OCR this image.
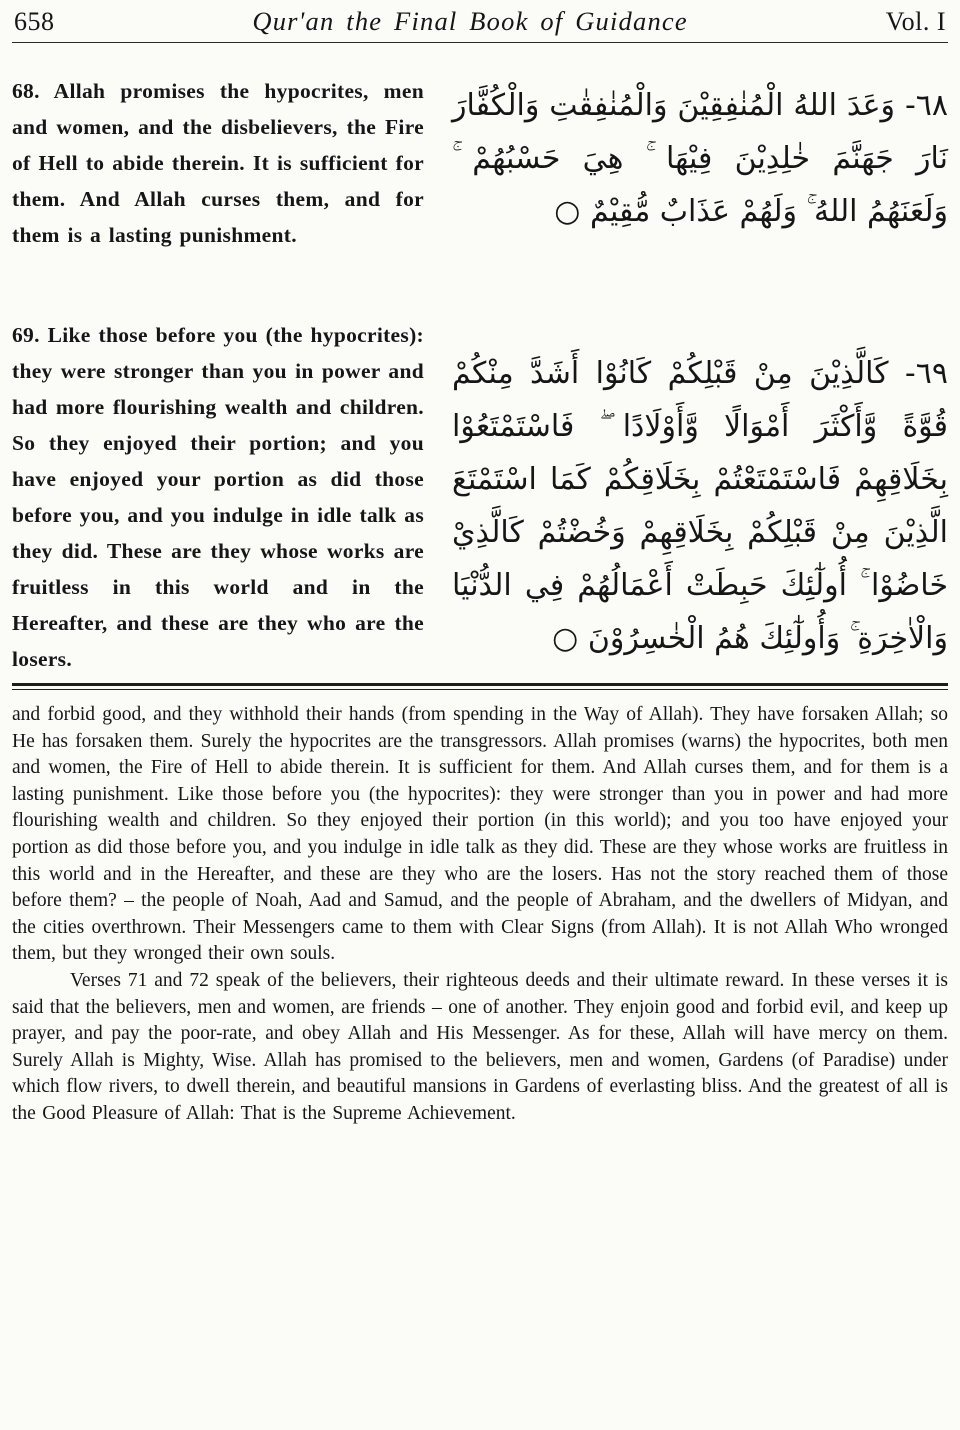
658	Qur'an the Final Book of Guidance	Vol. I
68. Allah promises the hypocrites, men and women, and the disbelievers, the Fire of Hell to abide therein. It is sufficient for them. And Allah curses them, and for them is a lasting punishment.
٦٨- وَعَدَ اللهُ الْمُنٰفِقِيْنَ وَالْمُنٰفِقٰتِ وَالْكُفَّارَ نَارَ جَهَنَّمَ خٰلِدِيْنَ فِيْهَا ۚ هِيَ حَسْبُهُمْ ۚ وَلَعَنَهُمُ اللهُ ۚ وَلَهُمْ عَذَابٌ مُّقِيْمٌ ○
69. Like those before you (the hypocrites): they were stronger than you in power and had more flourishing wealth and children. So they enjoyed their portion; and you have enjoyed your portion as did those before you, and you indulge in idle talk as they did. These are they whose works are fruitless in this world and in the Hereafter, and these are they who are the losers.
٦٩- كَالَّذِيْنَ مِنْ قَبْلِكُمْ كَانُوْا أَشَدَّ مِنْكُمْ قُوَّةً وَّأَكْثَرَ أَمْوَالًا وَّأَوْلَادًا ۖ فَاسْتَمْتَعُوْا بِخَلَاقِهِمْ فَاسْتَمْتَعْتُمْ بِخَلَاقِكُمْ كَمَا اسْتَمْتَعَ الَّذِيْنَ مِنْ قَبْلِكُمْ بِخَلَاقِهِمْ وَخُضْتُمْ كَالَّذِيْ خَاضُوْا ۚ أُولٰٓئِكَ حَبِطَتْ أَعْمَالُهُمْ فِي الدُّنْيَا وَالْاٰخِرَةِ ۚ وَأُولٰٓئِكَ هُمُ الْخٰسِرُوْنَ ○

and forbid good, and they withhold their hands (from spending in the Way of Allah). They have forsaken Allah; so He has forsaken them. Surely the hypocrites are the transgressors. Allah promises (warns) the hypocrites, both men and women, the Fire of Hell to abide therein. It is sufficient for them. And Allah curses them, and for them is a lasting punishment. Like those before you (the hypocrites): they were stronger than you in power and had more flourishing wealth and children. So they enjoyed their portion (in this world); and you too have enjoyed your portion as did those before you, and you indulge in idle talk as they did. These are they whose works are fruitless in this world and in the Hereafter, and these are they who are the losers. Has not the story reached them of those before them? – the people of Noah, Aad and Samud, and the people of Abraham, and the dwellers of Midyan, and the cities overthrown. Their Messengers came to them with Clear Signs (from Allah). It is not Allah Who wronged them, but they wronged their own souls.

Verses 71 and 72 speak of the believers, their righteous deeds and their ultimate reward. In these verses it is said that the believers, men and women, are friends – one of another. They enjoin good and forbid evil, and keep up prayer, and pay the poor-rate, and obey Allah and His Messenger. As for these, Allah will have mercy on them. Surely Allah is Mighty, Wise. Allah has promised to the believers, men and women, Gardens (of Paradise) under which flow rivers, to dwell therein, and beautiful mansions in Gardens of everlasting bliss. And the greatest of all is the Good Pleasure of Allah: That is the Supreme Achievement.
